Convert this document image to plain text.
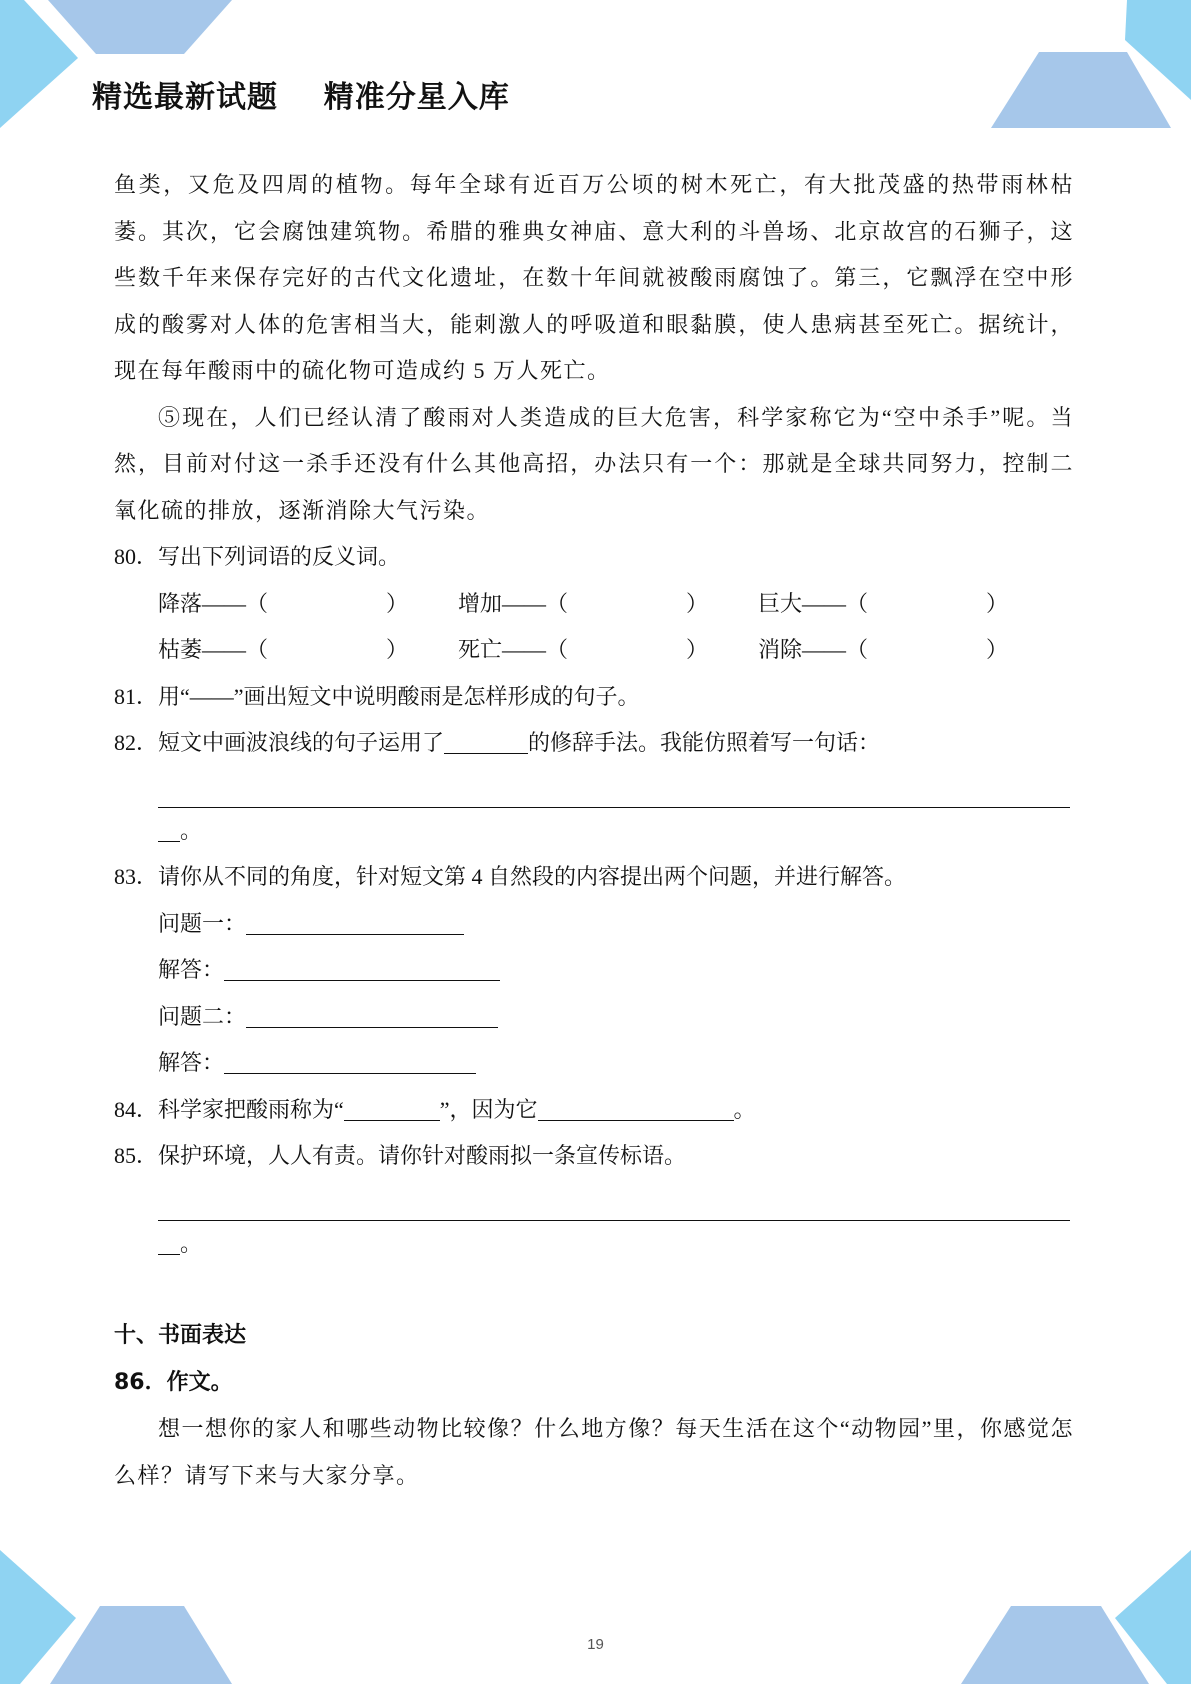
精选最新试题    精准分星入库

鱼类，又危及四周的植物。每年全球有近百万公顷的树木死亡，有大批茂盛的热带雨林枯萎。其次，它会腐蚀建筑物。希腊的雅典女神庙、意大利的斗兽场、北京故宫的石狮子，这些数千年来保存完好的古代文化遗址，在数十年间就被酸雨腐蚀了。第三，它飘浮在空中形成的酸雾对人体的危害相当大，能刺激人的呼吸道和眼黏膜，使人患病甚至死亡。据统计，现在每年酸雨中的硫化物可造成约 5 万人死亡。

⑤现在，人们已经认清了酸雨对人类造成的巨大危害，科学家称它为“空中杀手”呢。当然，目前对付这一杀手还没有什么其他高招，办法只有一个：那就是全球共同努力，控制二氧化硫的排放，逐渐消除大气污染。

80．写出下列词语的反义词。

降落——（	）	增加——（	）	巨大——（	）
枯萎——（	）	死亡——（	）	消除——（	）

81．用“——”画出短文中说明酸雨是怎样形成的句子。

82．短文中画波浪线的句子运用了	的修辞手法。我能仿照着写一句话：

。

83．请你从不同的角度，针对短文第 4 自然段的内容提出两个问题，并进行解答。

问题一：
解答：
问题二：
解答：

84．科学家把酸雨称为“	”，因为它	。

85．保护环境，人人有责。请你针对酸雨拟一条宣传标语。

。

十、书面表达

86．作文。

想一想你的家人和哪些动物比较像？什么地方像？每天生活在这个“动物园”里，你感觉怎么样？请写下来与大家分享。

19
